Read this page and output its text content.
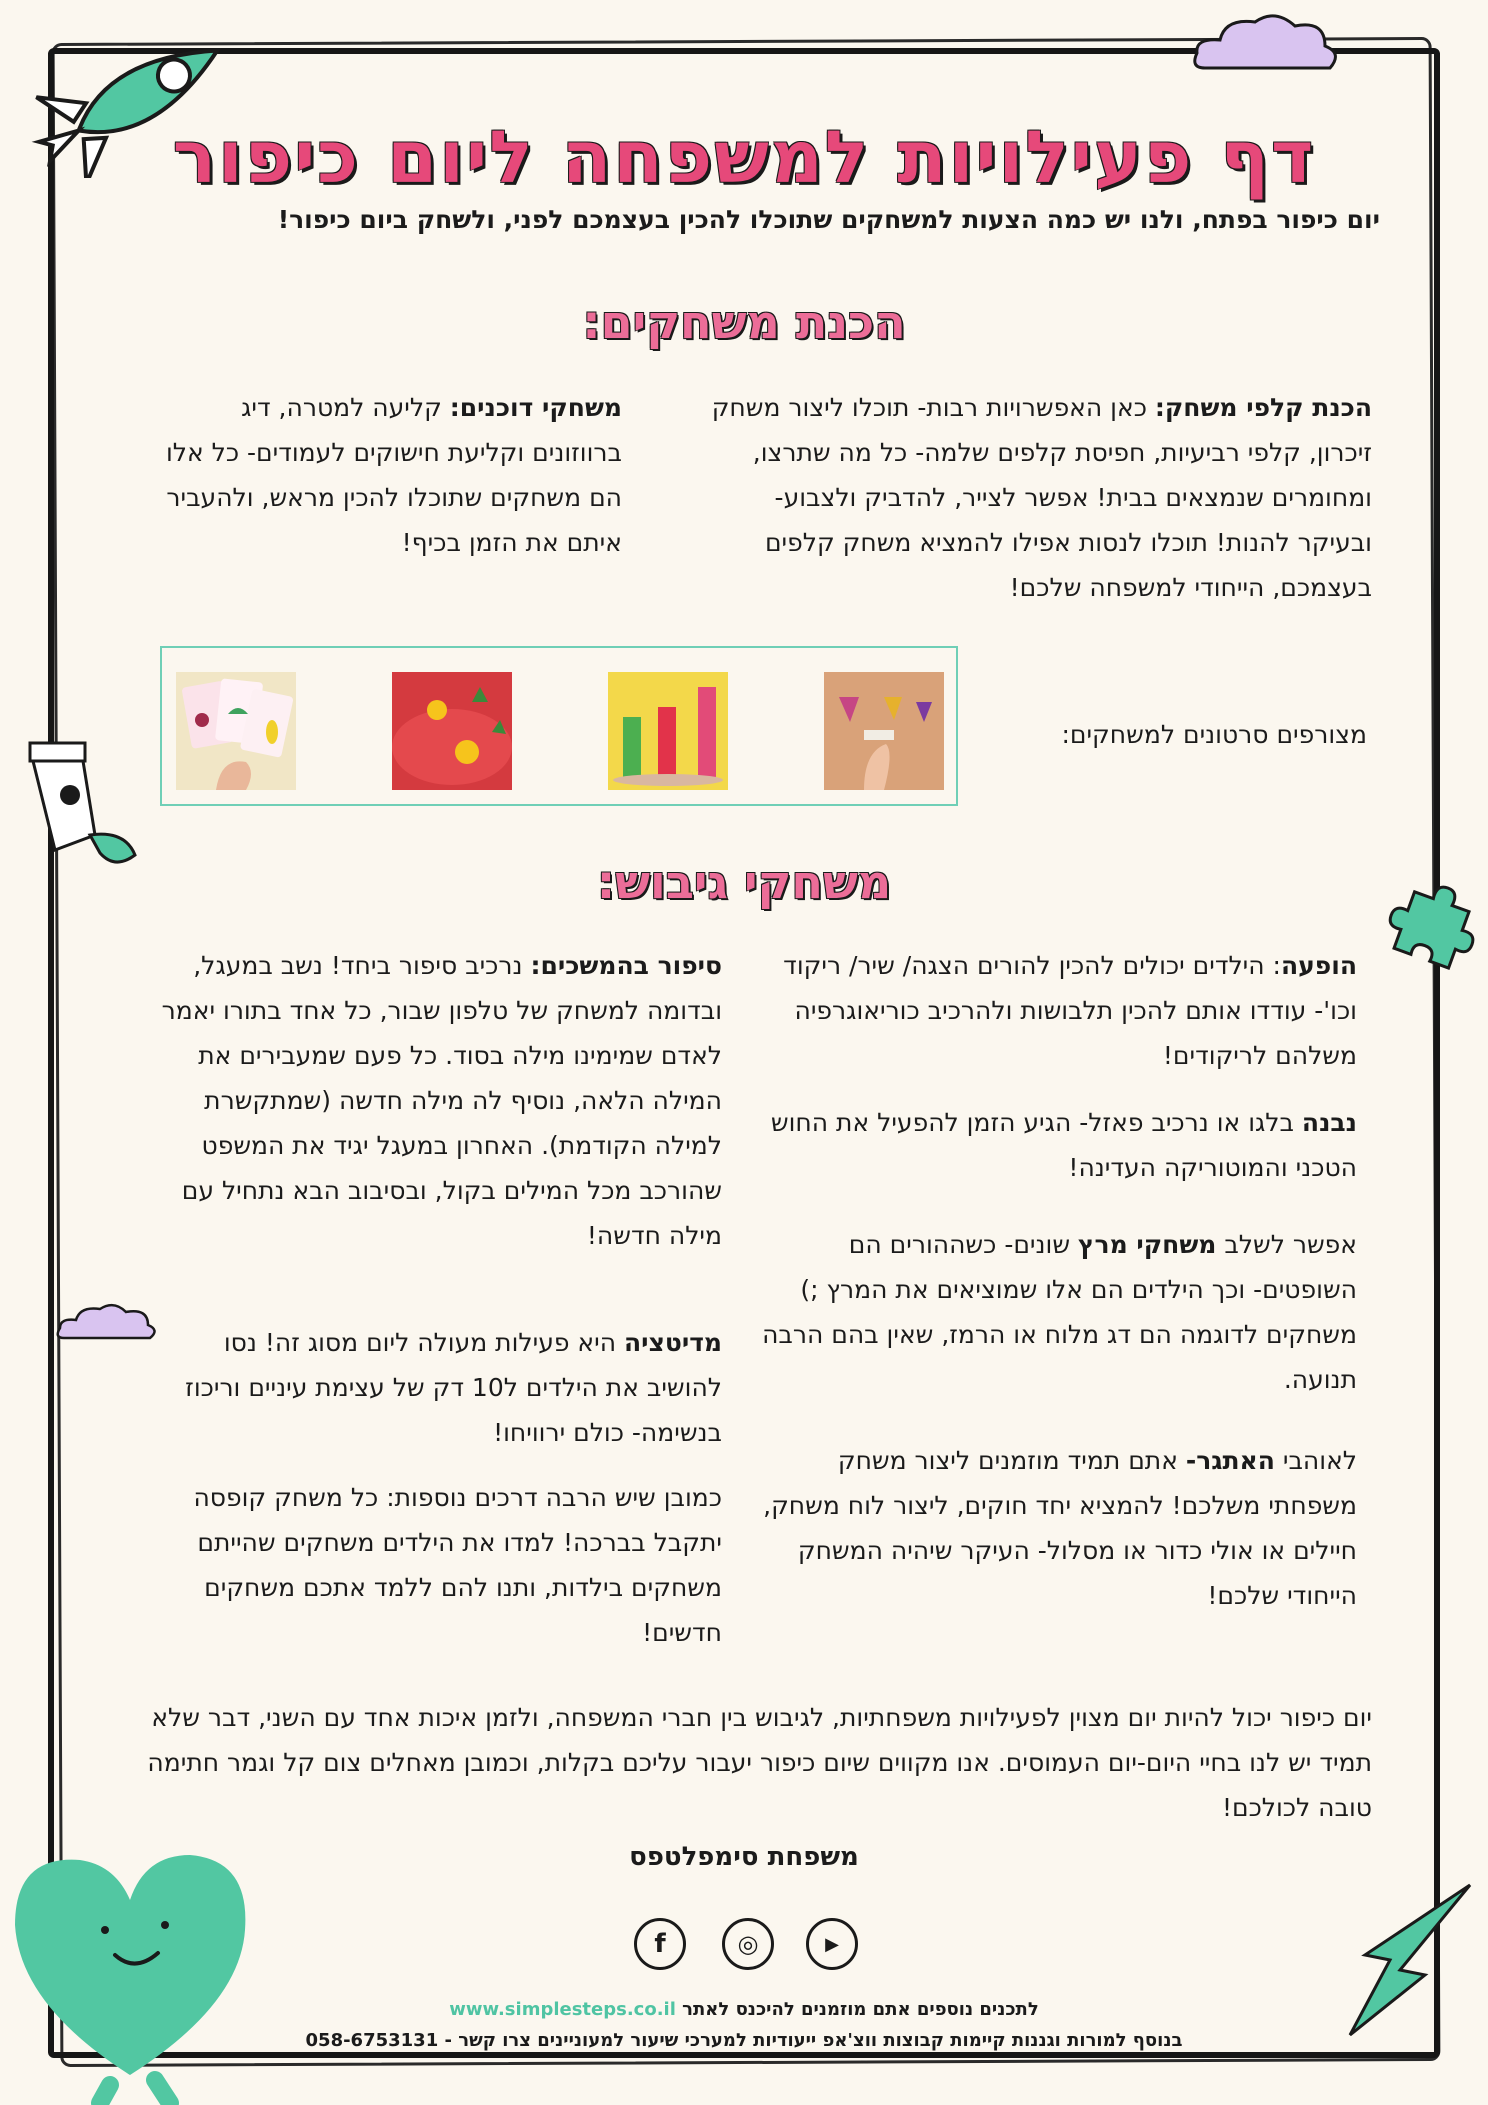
דף פעילויות למשפחה ליום כיפור
יום כיפור בפתח, ולנו יש כמה הצעות למשחקים שתוכלו להכין בעצמכם לפני, ולשחק ביום כיפור!
הכנת משחקים:
הכנת קלפי משחק: כאן האפשרויות רבות- תוכלו ליצור משחק זיכרון, קלפי רביעיות, חפיסת קלפים שלמה- כל מה שתרצו, ומחומרים שנמצאים בבית! אפשר לצייר, להדביק ולצבוע- ובעיקר להנות! תוכלו לנסות אפילו להמציא משחק קלפים בעצמכם, הייחודי למשפחה שלכם!
משחקי דוכנים: קליעה למטרה, דיג ברווזונים וקליעת חישוקים לעמודים- כל אלו הם משחקים שתוכלו להכין מראש, ולהעביר איתם את הזמן בכיף!
מצורפים סרטונים למשחקים:
משחקי גיבוש:
הופעה: הילדים יכולים להכין להורים הצגה/ שיר/ ריקוד וכו'- עודדו אותם להכין תלבושות ולהרכיב כוריאוגרפיה משלהם לריקודים!
נבנה בלגו או נרכיב פאזל- הגיע הזמן להפעיל את החוש הטכני והמוטוריקה העדינה!
אפשר לשלב משחקי מרץ שונים- כשההורים הם השופטים- וכך הילדים הם אלו שמוציאים את המרץ ;) משחקים לדוגמה הם דג מלוח או הרמז, שאין בהם הרבה תנועה.
לאוהבי האתגר- אתם תמיד מוזמנים ליצור משחק משפחתי משלכם! להמציא יחד חוקים, ליצור לוח משחק, חיילים או אולי כדור או מסלול- העיקר שיהיה המשחק הייחודי שלכם!
סיפור בהמשכים: נרכיב סיפור ביחד! נשב במעגל, ובדומה למשחק של טלפון שבור, כל אחד בתורו יאמר לאדם שמימינו מילה בסוד. כל פעם שמעבירים את המילה הלאה, נוסיף לה מילה חדשה (שמתקשרת למילה הקודמת). האחרון במעגל יגיד את המשפט שהורכב מכל המילים בקול, ובסיבוב הבא נתחיל עם מילה חדשה!
מדיטציה היא פעילות מעולה ליום מסוג זה! נסו להושיב את הילדים ל10 דק של עצימת עיניים וריכוז בנשימה- כולם ירוויחו!
כמובן שיש הרבה דרכים נוספות: כל משחק קופסה יתקבל בברכה! למדו את הילדים משחקים שהייתם משחקים בילדות, ותנו להם ללמד אתכם משחקים חדשים!
יום כיפור יכול להיות יום מצוין לפעילויות משפחתיות, לגיבוש בין חברי המשפחה, ולזמן איכות אחד עם השני, דבר שלא תמיד יש לנו בחיי היום-יום העמוסים. אנו מקווים שיום כיפור יעבור עליכם בקלות, וכמובן מאחלים צום קל וגמר חתימה טובה לכולכם!
משפחת סימפלטפס
f	◎	▶
לתכנים נוספים אתם מוזמנים להיכנס לאתר www.simplesteps.co.il
בנוסף למורות וגננות קיימות קבוצות ווצ'אפ ייעודיות למערכי שיעור למעוניינים צרו קשר - 058-6753131
